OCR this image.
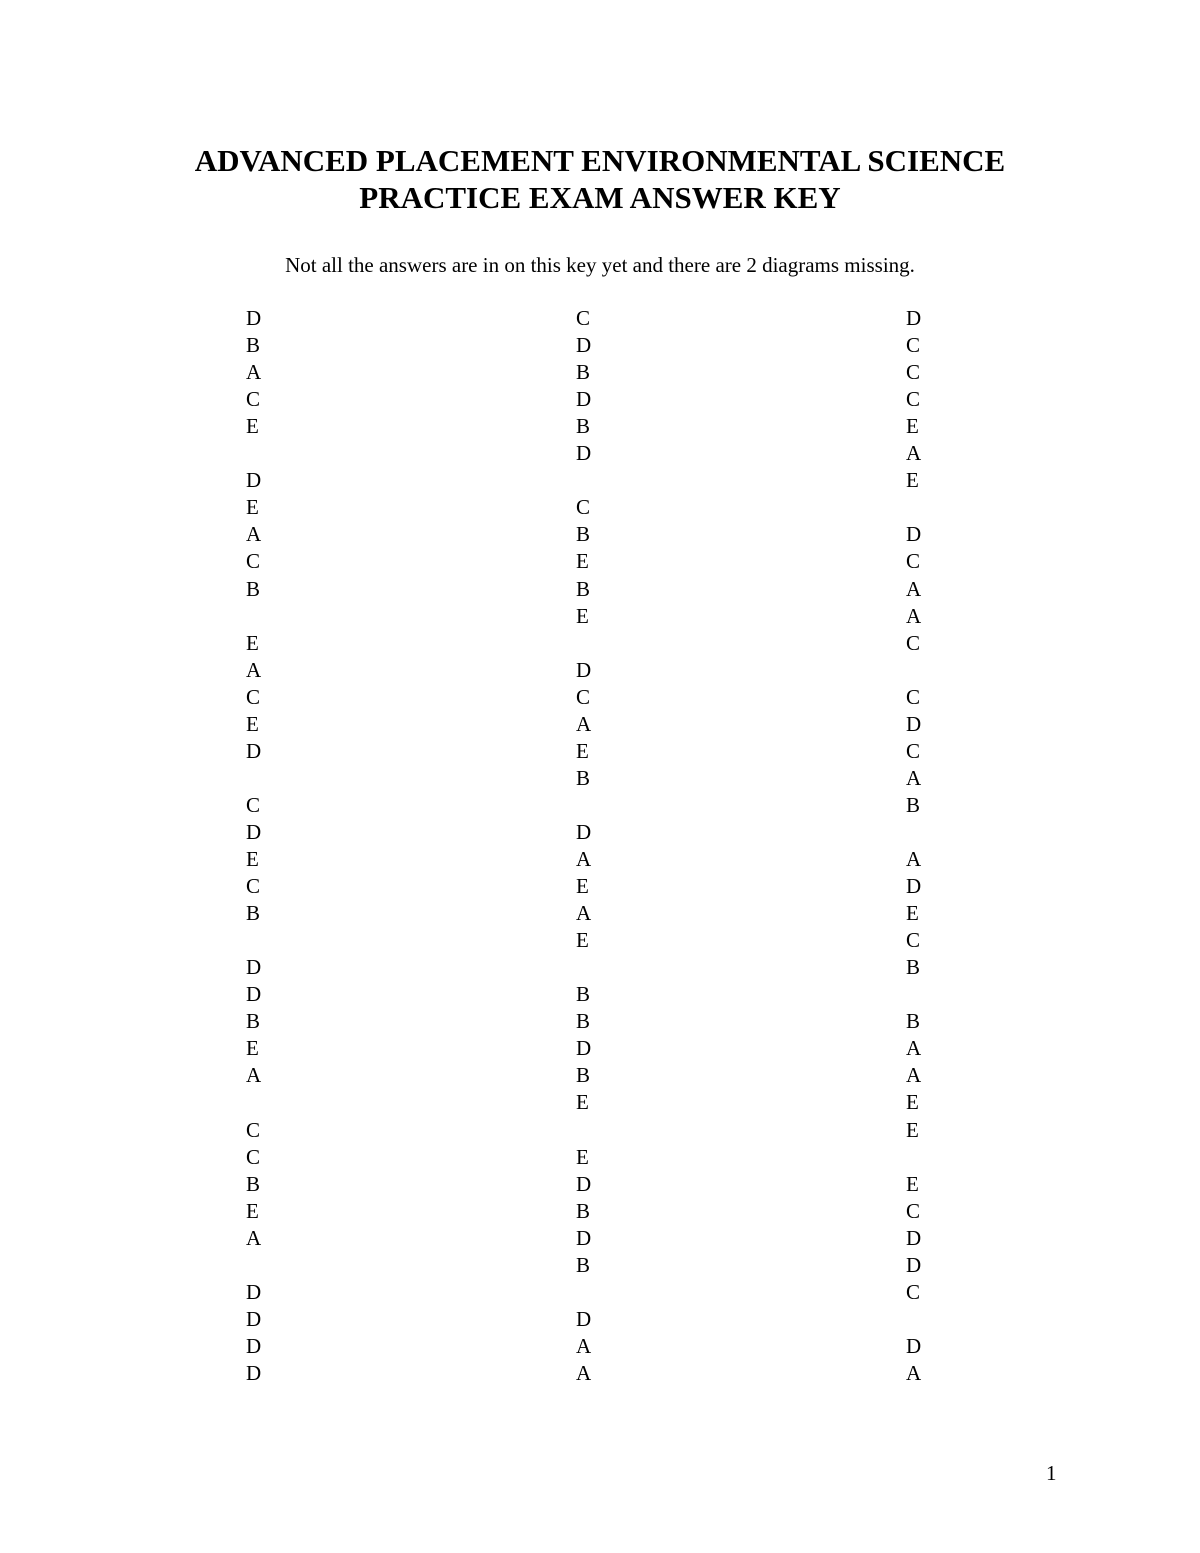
ADVANCED PLACEMENT ENVIRONMENTAL SCIENCE
PRACTICE EXAM ANSWER KEY
Not all the answers are in on this key yet and there are 2 diagrams missing.
D
B
A
C
E
D
E
A
C
B
E
A
C
E
D
C
D
E
C
B
D
D
B
E
A
C
C
B
E
A
D
D
D
D
C
D
B
D
B
D
C
B
E
B
E
D
C
A
E
B
D
A
E
A
E
B
B
D
B
E
E
D
B
D
B
D
A
A
D
C
C
C
E
A
E
D
C
A
A
C
C
D
C
A
B
A
D
E
C
B
B
A
A
E
E
E
C
D
D
C
D
A
1
